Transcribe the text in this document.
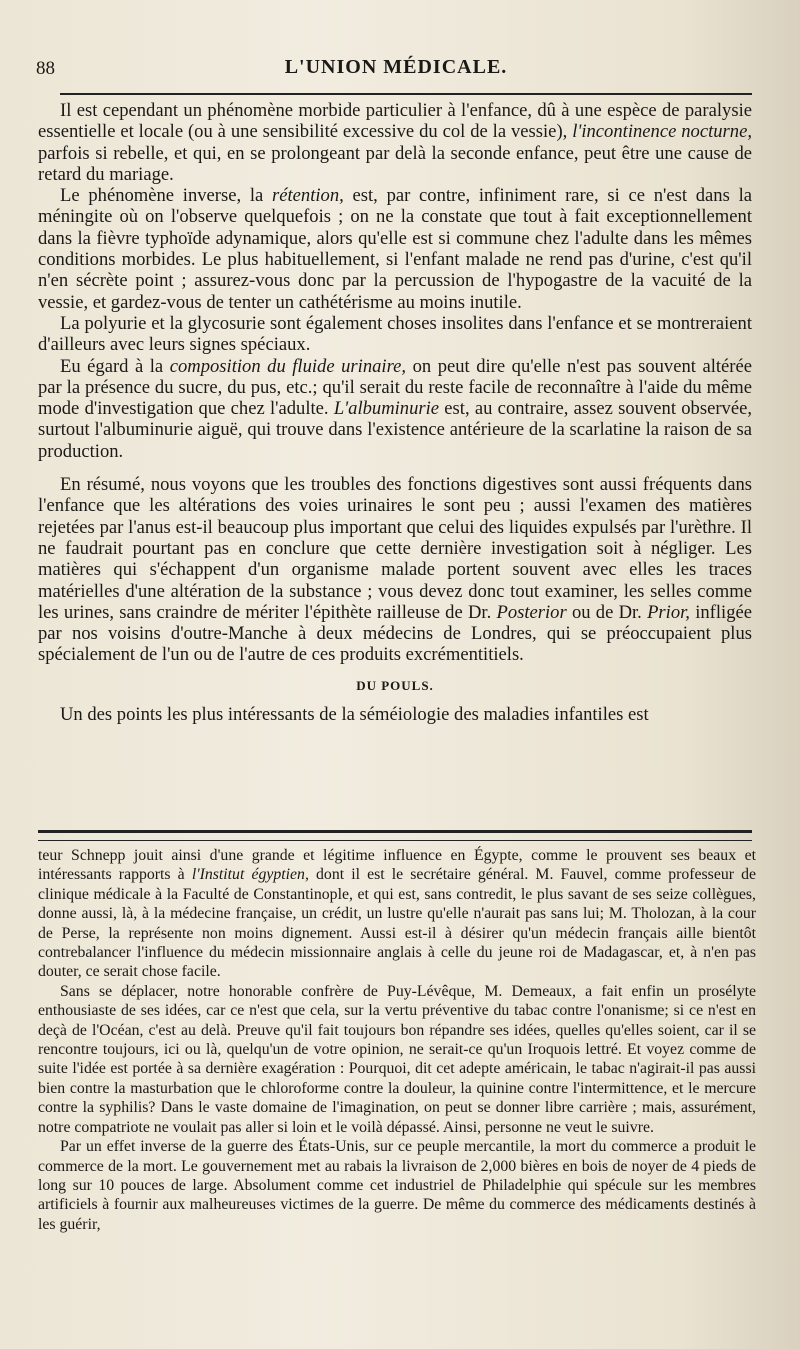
88	L'UNION MÉDICALE.

Il est cependant un phénomène morbide particulier à l'enfance, dû à une espèce de paralysie essentielle et locale (ou à une sensibilité excessive du col de la vessie), l'incontinence nocturne, parfois si rebelle, et qui, en se prolongeant par delà la seconde enfance, peut être une cause de retard du mariage.

Le phénomène inverse, la rétention, est, par contre, infiniment rare, si ce n'est dans la méningite où on l'observe quelquefois ; on ne la constate que tout à fait exceptionnellement dans la fièvre typhoïde adynamique, alors qu'elle est si commune chez l'adulte dans les mêmes conditions morbides. Le plus habituellement, si l'enfant malade ne rend pas d'urine, c'est qu'il n'en sécrète point ; assurez-vous donc par la percussion de l'hypogastre de la vacuité de la vessie, et gardez-vous de tenter un cathétérisme au moins inutile.

La polyurie et la glycosurie sont également choses insolites dans l'enfance et se montreraient d'ailleurs avec leurs signes spéciaux.

Eu égard à la composition du fluide urinaire, on peut dire qu'elle n'est pas souvent altérée par la présence du sucre, du pus, etc.; qu'il serait du reste facile de reconnaître à l'aide du même mode d'investigation que chez l'adulte. L'albuminurie est, au contraire, assez souvent observée, surtout l'albuminurie aiguë, qui trouve dans l'existence antérieure de la scarlatine la raison de sa production.

En résumé, nous voyons que les troubles des fonctions digestives sont aussi fréquents dans l'enfance que les altérations des voies urinaires le sont peu ; aussi l'examen des matières rejetées par l'anus est-il beaucoup plus important que celui des liquides expulsés par l'urèthre. Il ne faudrait pourtant pas en conclure que cette dernière investigation soit à négliger. Les matières qui s'échappent d'un organisme malade portent souvent avec elles les traces matérielles d'une altération de la substance ; vous devez donc tout examiner, les selles comme les urines, sans craindre de mériter l'épithète railleuse de Dr. Posterior ou de Dr. Prior, infligée par nos voisins d'outre-Manche à deux médecins de Londres, qui se préoccupaient plus spécialement de l'un ou de l'autre de ces produits excrémentitiels.

DU POULS.

Un des points les plus intéressants de la séméiologie des maladies infantiles est

teur Schnepp jouit ainsi d'une grande et légitime influence en Égypte, comme le prouvent ses beaux et intéressants rapports à l'Institut égyptien, dont il est le secrétaire général. M. Fauvel, comme professeur de clinique médicale à la Faculté de Constantinople, et qui est, sans contredit, le plus savant de ses seize collègues, donne aussi, là, à la médecine française, un crédit, un lustre qu'elle n'aurait pas sans lui; M. Tholozan, à la cour de Perse, la représente non moins dignement. Aussi est-il à désirer qu'un médecin français aille bientôt contrebalancer l'influence du médecin missionnaire anglais à celle du jeune roi de Madagascar, et, à n'en pas douter, ce serait chose facile.

Sans se déplacer, notre honorable confrère de Puy-Lévêque, M. Demeaux, a fait enfin un prosélyte enthousiaste de ses idées, car ce n'est que cela, sur la vertu préventive du tabac contre l'onanisme; si ce n'est en deçà de l'Océan, c'est au delà. Preuve qu'il fait toujours bon répandre ses idées, quelles qu'elles soient, car il se rencontre toujours, ici ou là, quelqu'un de votre opinion, ne serait-ce qu'un Iroquois lettré. Et voyez comme de suite l'idée est portée à sa dernière exagération : Pourquoi, dit cet adepte américain, le tabac n'agirait-il pas aussi bien contre la masturbation que le chloroforme contre la douleur, la quinine contre l'intermittence, et le mercure contre la syphilis? Dans le vaste domaine de l'imagination, on peut se donner libre carrière ; mais, assurément, notre compatriote ne voulait pas aller si loin et le voilà dépassé. Ainsi, personne ne veut le suivre.

Par un effet inverse de la guerre des États-Unis, sur ce peuple mercantile, la mort du commerce a produit le commerce de la mort. Le gouvernement met au rabais la livraison de 2,000 bières en bois de noyer de 4 pieds de long sur 10 pouces de large. Absolument comme cet industriel de Philadelphie qui spécule sur les membres artificiels à fournir aux malheureuses victimes de la guerre. De même du commerce des médicaments destinés à les guérir,
